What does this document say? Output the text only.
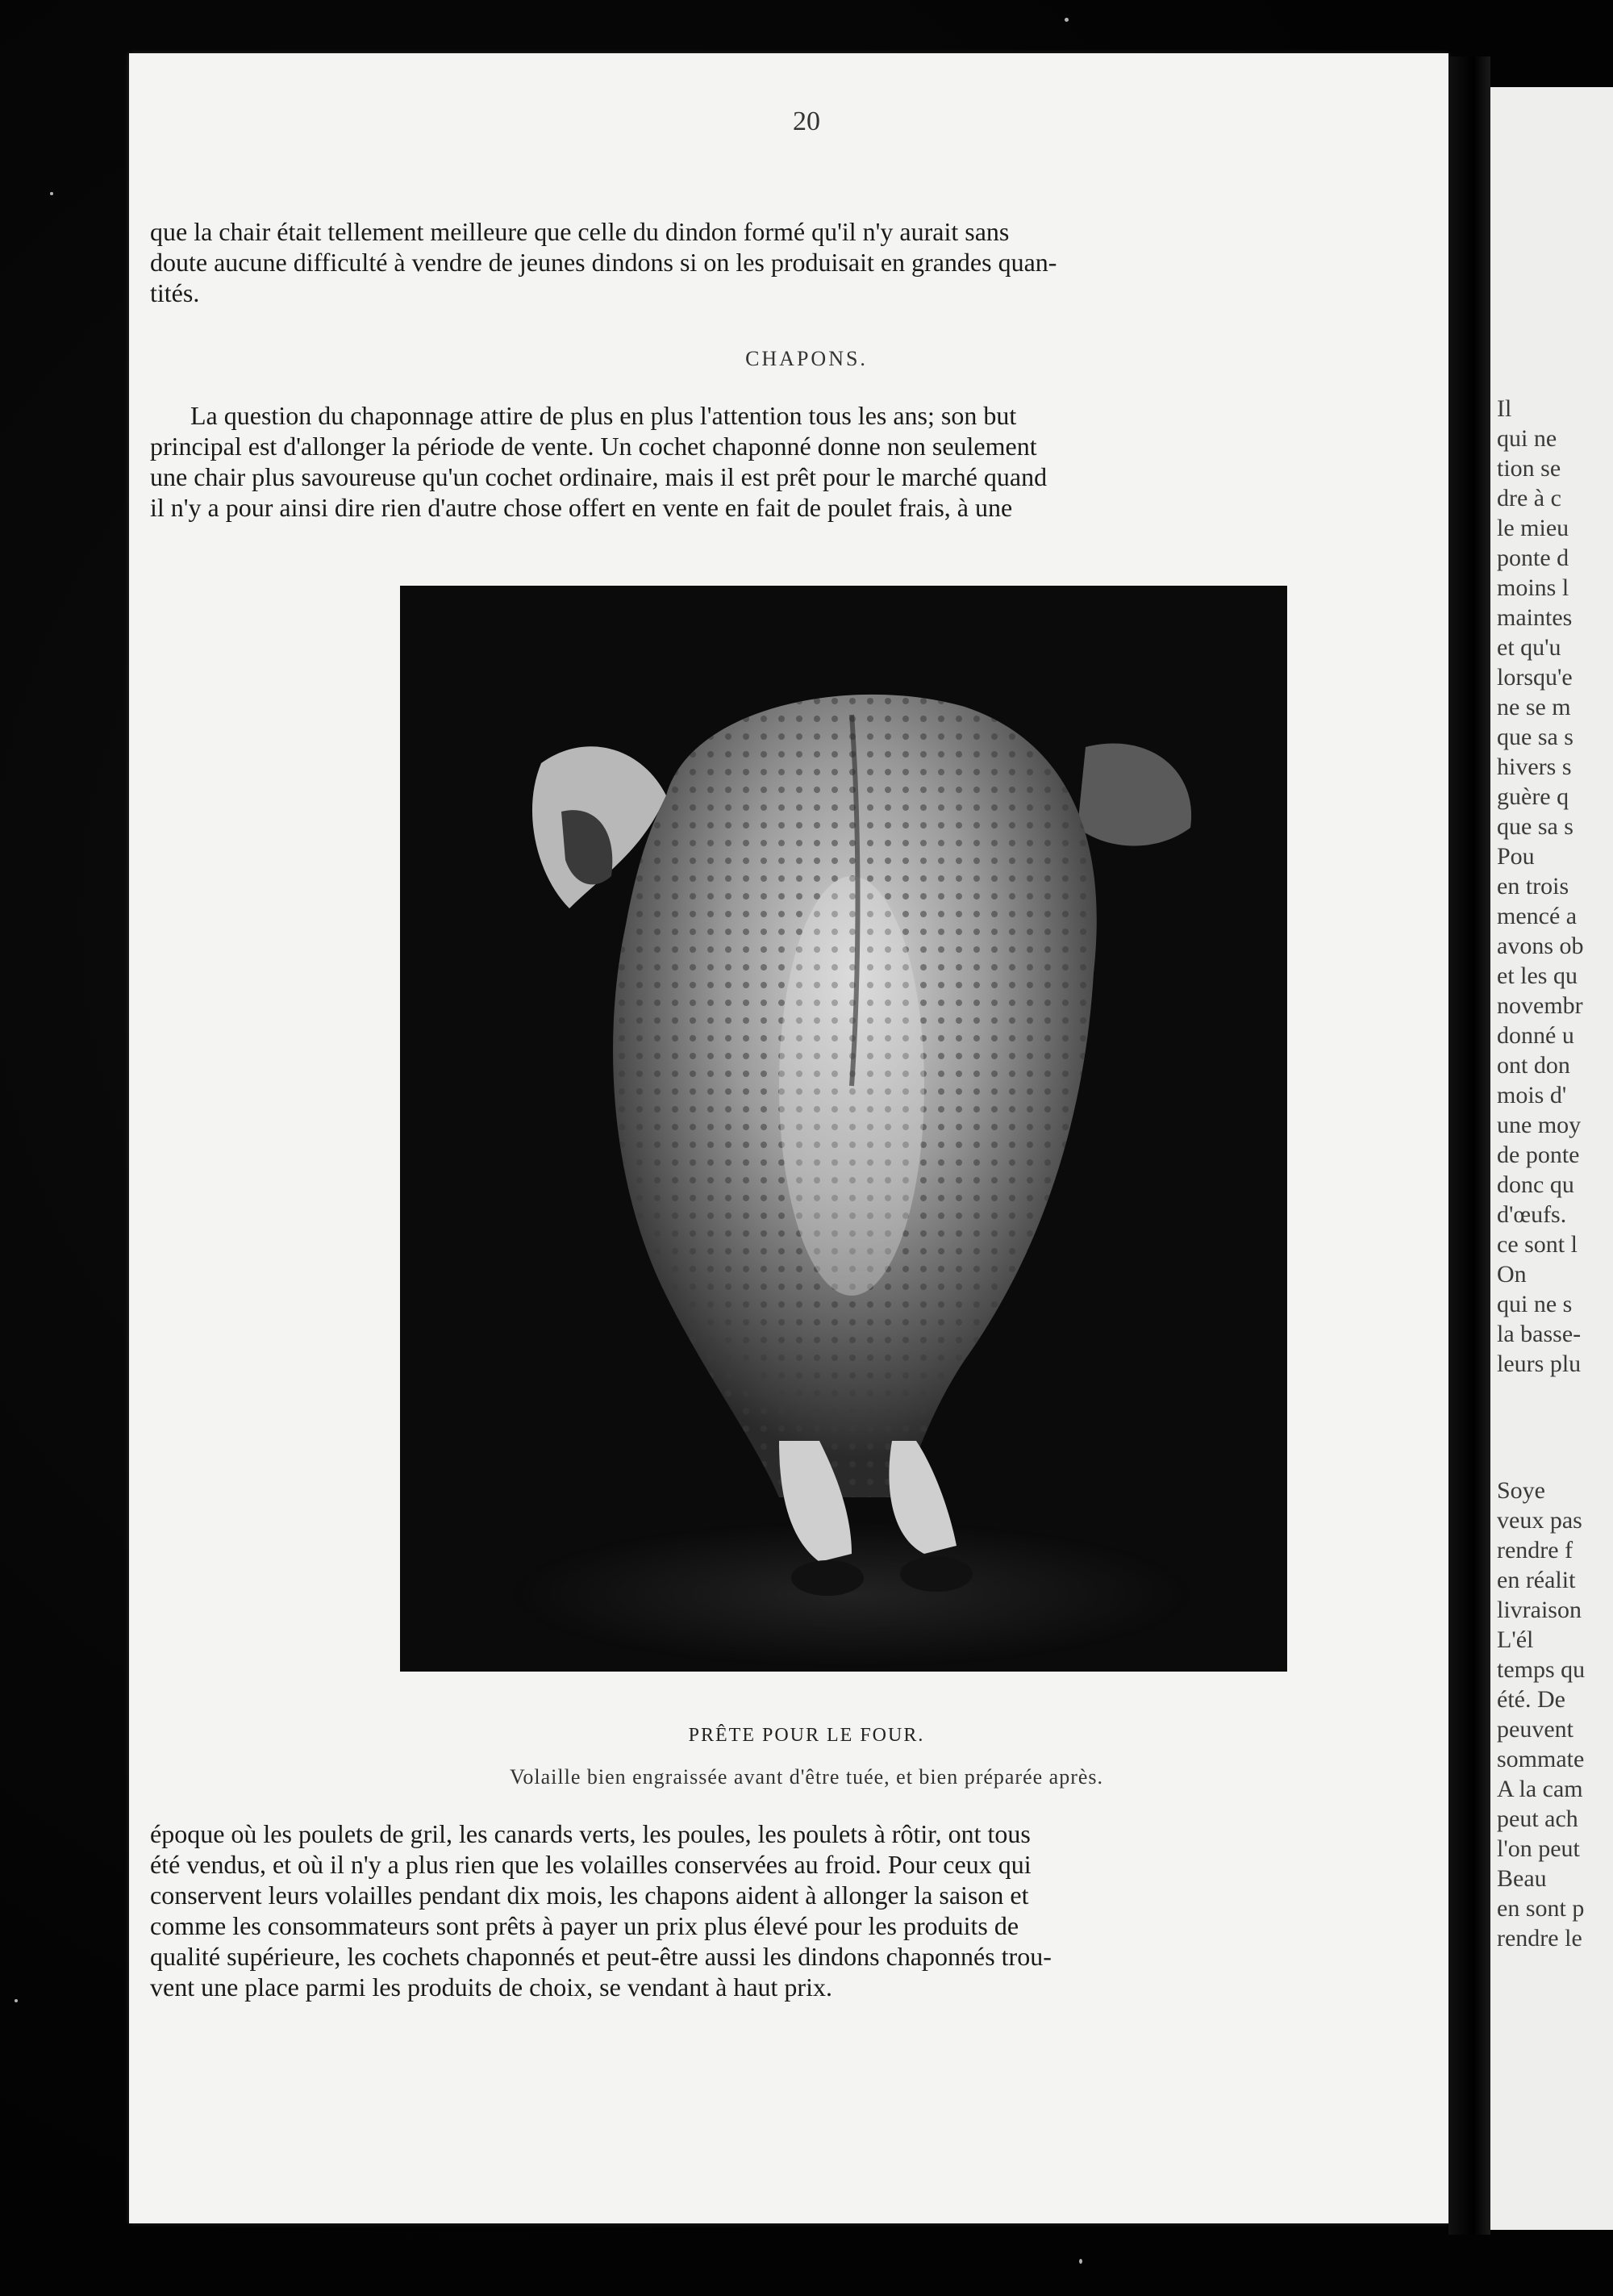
Il
qui ne
tion se
dre à c
le mieu
ponte d
moins l
maintes
et qu'u
lorsqu'e
ne se m
que sa s
hivers s
guère q
que sa s
Pou
en trois
mencé a
avons ob
et les qu
novembr
donné u
ont don
mois d'
une moy
de ponte
donc qu
d'œufs.
ce sont l
On
qui ne s
la basse-
leurs plu
Soye
veux pas
rendre f
en réalit
livraison
L'él
temps qu
été. De
peuvent
sommate
A la cam
peut ach
l'on peut
Beau
en sont p
rendre le
20
que la chair était tellement meilleure que celle du dindon formé qu'il n'y aurait sans
doute aucune difficulté à vendre de jeunes dindons si on les produisait en grandes quan-
tités.
CHAPONS.
La question du chaponnage attire de plus en plus l'attention tous les ans; son but
principal est d'allonger la période de vente. Un cochet chaponné donne non seulement
une chair plus savoureuse qu'un cochet ordinaire, mais il est prêt pour le marché quand
il n'y a pour ainsi dire rien d'autre chose offert en vente en fait de poulet frais, à une
PRÊTE POUR LE FOUR.
Volaille bien engraissée avant d'être tuée, et bien préparée après.
époque où les poulets de gril, les canards verts, les poules, les poulets à rôtir, ont tous
été vendus, et où il n'y a plus rien que les volailles conservées au froid. Pour ceux qui
conservent leurs volailles pendant dix mois, les chapons aident à allonger la saison et
comme les consommateurs sont prêts à payer un prix plus élevé pour les produits de
qualité supérieure, les cochets chaponnés et peut-être aussi les dindons chaponnés trou-
vent une place parmi les produits de choix, se vendant à haut prix.
